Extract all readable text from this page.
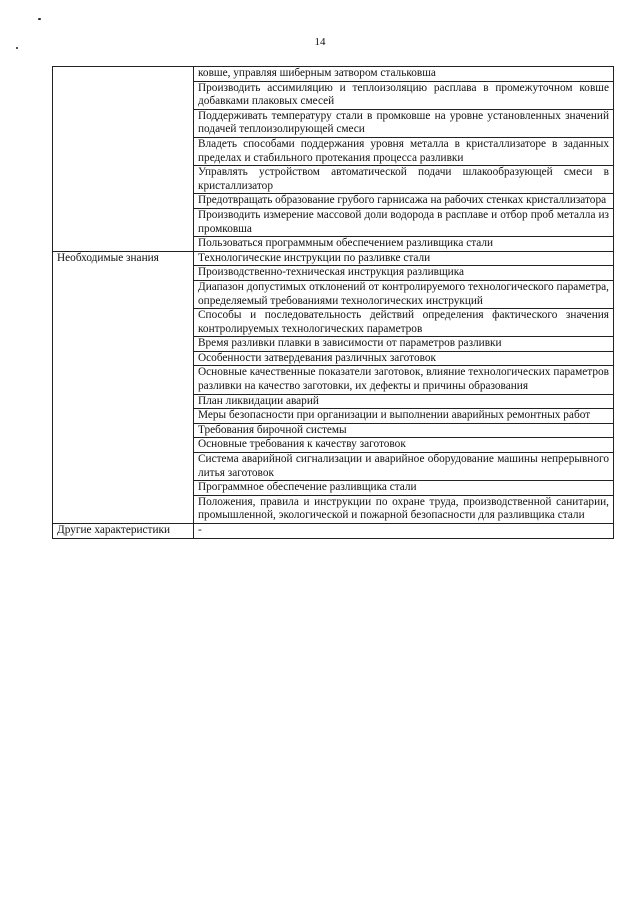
14
	ковше, управляя шиберным затвором стальковша
	Производить ассимиляцию и теплоизоляцию расплава в промежуточном ковше добавками плаковых смесей
	Поддерживать температуру стали в промковше на уровне установленных значений подачей теплоизолирующей смеси
	Владеть способами поддержания уровня металла в кристаллизаторе в заданных пределах и стабильного протекания процесса разливки
	Управлять устройством автоматической подачи шлакообразующей смеси в кристаллизатор
	Предотвращать образование грубого гарнисажа на рабочих стенках кристаллизатора
	Производить измерение массовой доли водорода в расплаве и отбор проб металла из промковша
	Пользоваться программным обеспечением разливщика стали
Необходимые знания	Технологические инструкции по разливке стали
	Производственно-техническая инструкция разливщика
	Диапазон допустимых отклонений от контролируемого технологического параметра, определяемый требованиями технологических инструкций
	Способы и последовательность действий определения фактического значения контролируемых технологических параметров
	Время разливки плавки в зависимости от параметров разливки
	Особенности затвердевания различных заготовок
	Основные качественные показатели заготовок, влияние технологических параметров разливки на качество заготовки, их дефекты и причины образования
	План ликвидации аварий
	Меры безопасности при организации и выполнении аварийных ремонтных работ
	Требования бирочной системы
	Основные требования к качеству заготовок
	Система аварийной сигнализации и аварийное оборудование машины непрерывного литья заготовок
	Программное обеспечение разливщика стали
	Положения, правила и инструкции по охране труда, производственной санитарии, промышленной, экологической и пожарной безопасности для разливщика стали
Другие характеристики	-
